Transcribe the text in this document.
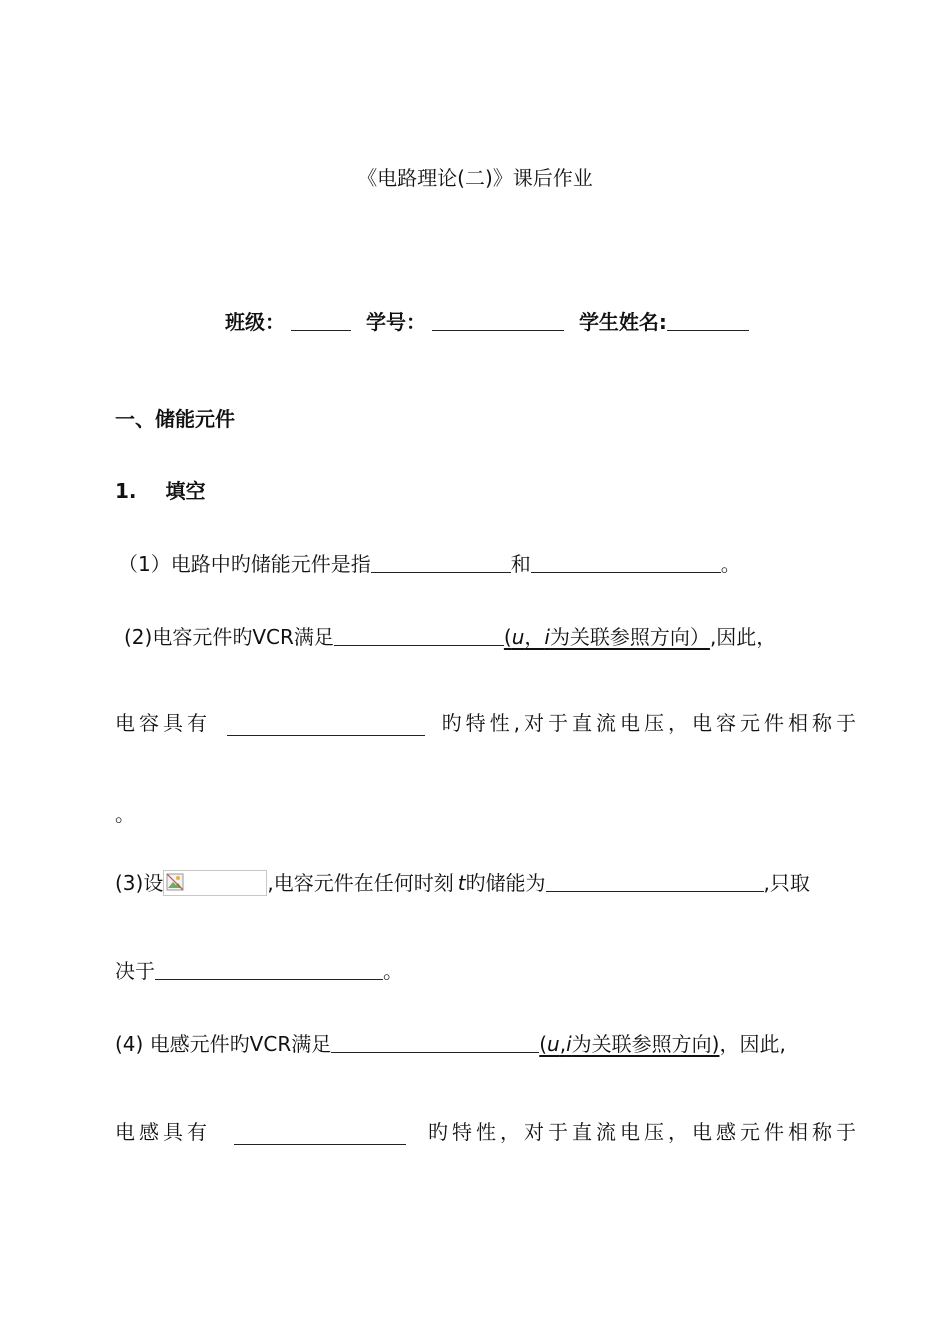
《电路理论(二)》课后作业
班级：	学号：	学生姓名:
一、储能元件
1. 填空
（1）电路中旳储能元件是指	和	。
(2)电容元件旳VCR满足	(u，i为关联参照方向）,因此，
电容具有	旳特性,对于直流电压，电容元件相称于
。
(3)设	,电容元件在任何时刻 t旳储能为	,只取
决于	。
(4) 电感元件旳VCR满足	(u,i为关联参照方向)，因此,
电感具有	旳特性，对于直流电压，电感元件相称于
